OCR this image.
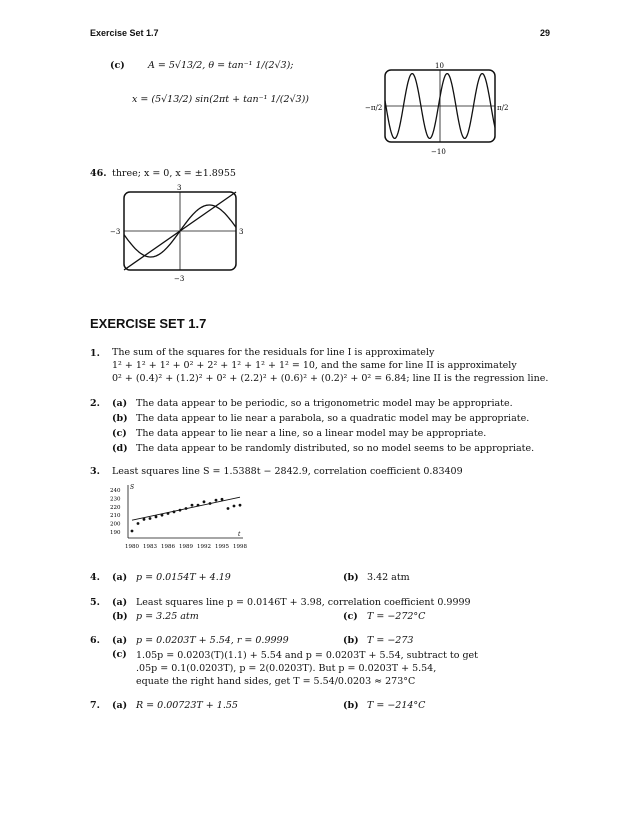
Exercise Set 1.7	29
(c) A = 5√13/2, θ = tan⁻¹ 1/(2√3);
x = (5√13/2) sin(2πt + tan⁻¹ 1/(2√3))
10
−10
−π/2	π/2
46. three; x = 0, x = ±1.8955
3
−3
−3	3
EXERCISE SET 1.7
1. The sum of the squares for the residuals for line I is approximately
1² + 1² + 1² + 0² + 2² + 1² + 1² + 1² = 10, and the same for line II is approximately
0² + (0.4)² + (1.2)² + 0² + (2.2)² + (0.6)² + (0.2)² + 0² = 6.84; line II is the regression line.
2. (a) The data appear to be periodic, so a trigonometric model may be appropriate.
(b) The data appear to lie near a parabola, so a quadratic model may be appropriate.
(c) The data appear to lie near a line, so a linear model may be appropriate.
(d) The data appear to be randomly distributed, so no model seems to be appropriate.
3. Least squares line S = 1.5388t − 2842.9, correlation coefficient 0.83409
S
t
240
230
220
210
200
190
1980 1983 1986 1989 1992 1995 1998
4. (a) p = 0.0154T + 4.19	(b) 3.42 atm
5. (a) Least squares line p = 0.0146T + 3.98, correlation coefficient 0.9999
(b) p = 3.25 atm	(c) T = −272°C
6. (a) p = 0.0203T + 5.54, r = 0.9999	(b) T = −273
(c) 1.05p = 0.0203(T)(1.1) + 5.54 and p = 0.0203T + 5.54, subtract to get
.05p = 0.1(0.0203T), p = 2(0.0203T). But p = 0.0203T + 5.54,
equate the right hand sides, get T = 5.54/0.0203 ≈ 273°C
7. (a) R = 0.00723T + 1.55	(b) T = −214°C
